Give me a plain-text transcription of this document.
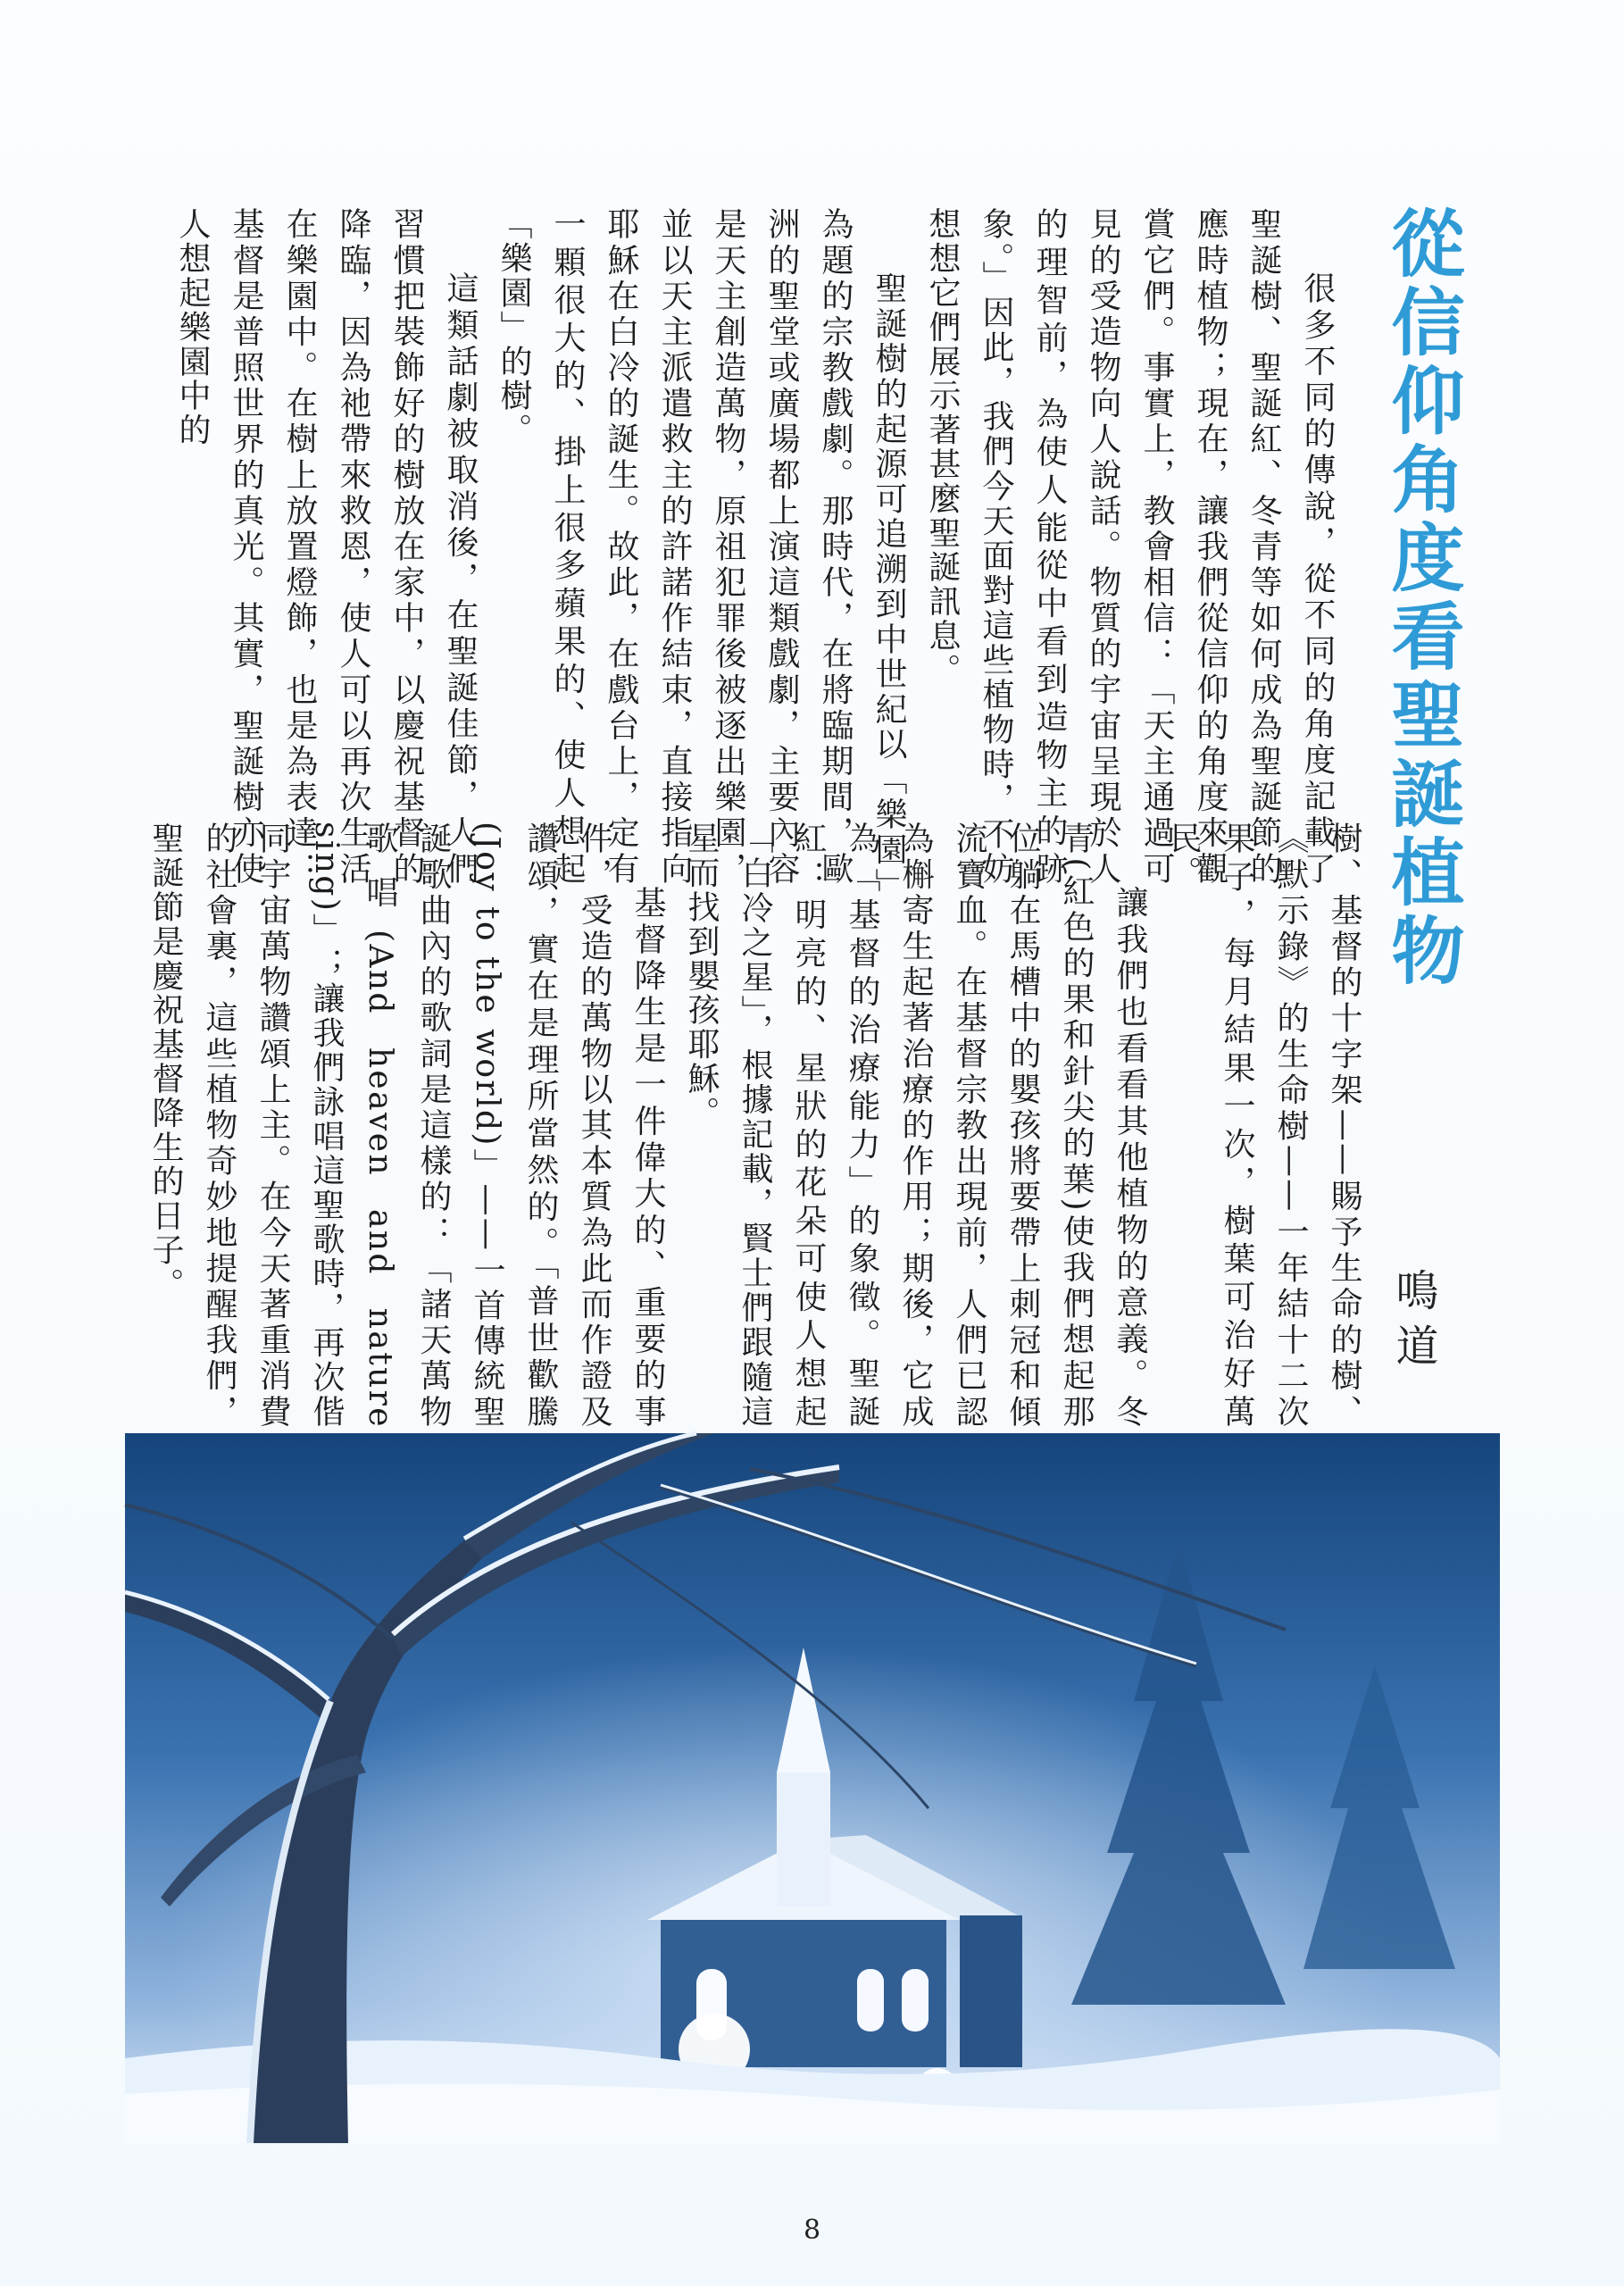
從信仰角度看聖誕植物
鳴道

很多不同的傳說，從不同的角度記載了聖誕樹、聖誕紅、冬青等如何成為聖誕節的應時植物；現在，讓我們從信仰的角度來觀賞它們。事實上，教會相信：「天主通過可見的受造物向人說話。物質的宇宙呈現於人的理智前，為使人能從中看到造物主的跡象。」因此，我們今天面對這些植物時，不妨想想它們展示著甚麼聖誕訊息。

聖誕樹的起源可追溯到中世紀以「樂園」為題的宗教戲劇。那時代，在將臨期間，歐洲的聖堂或廣場都上演這類戲劇，主要內容是天主創造萬物，原祖犯罪後被逐出樂園，並以天主派遣救主的許諾作結束，直接指向耶穌在白冷的誕生。故此，在戲台上，定有一顆很大的、掛上很多蘋果的、使人想起「樂園」的樹。

這類話劇被取消後，在聖誕佳節，人們習慣把裝飾好的樹放在家中，以慶祝基督的降臨，因為祂帶來救恩，使人可以再次生活在樂園中。在樹上放置燈飾，也是為表達：基督是普照世界的真光。其實，聖誕樹亦使人想起樂園中的

樹、基督的十字架——賜予生命的樹、《默示錄》的生命樹——一年結十二次果子，每月結果一次，樹葉可治好萬民。

讓我們也看看其他植物的意義。冬青(紅色的果和針尖的葉)使我們想起那位躺在馬槽中的嬰孩將要帶上刺冠和傾流寶血。在基督宗教出現前，人們已認為槲寄生起著治療的作用；期後，它成為「基督的治療能力」的象徵。聖誕紅：明亮的、星狀的花朵可使人想起「白冷之星」，根據記載，賢士們跟隨這星而找到嬰孩耶穌。

基督降生是一件偉大的、重要的事件，受造的萬物以其本質為此而作證及讚頌，實在是理所當然的。「普世歡騰(Joy to the world)」——一首傳統聖誕歌曲內的歌詞是這樣的：「諸天萬物歌唱(And heaven and nature sing)」；讓我們詠唱這聖歌時，再次偕同宇宙萬物讚頌上主。在今天著重消費的社會裏，這些植物奇妙地提醒我們，聖誕節是慶祝基督降生的日子。

8
